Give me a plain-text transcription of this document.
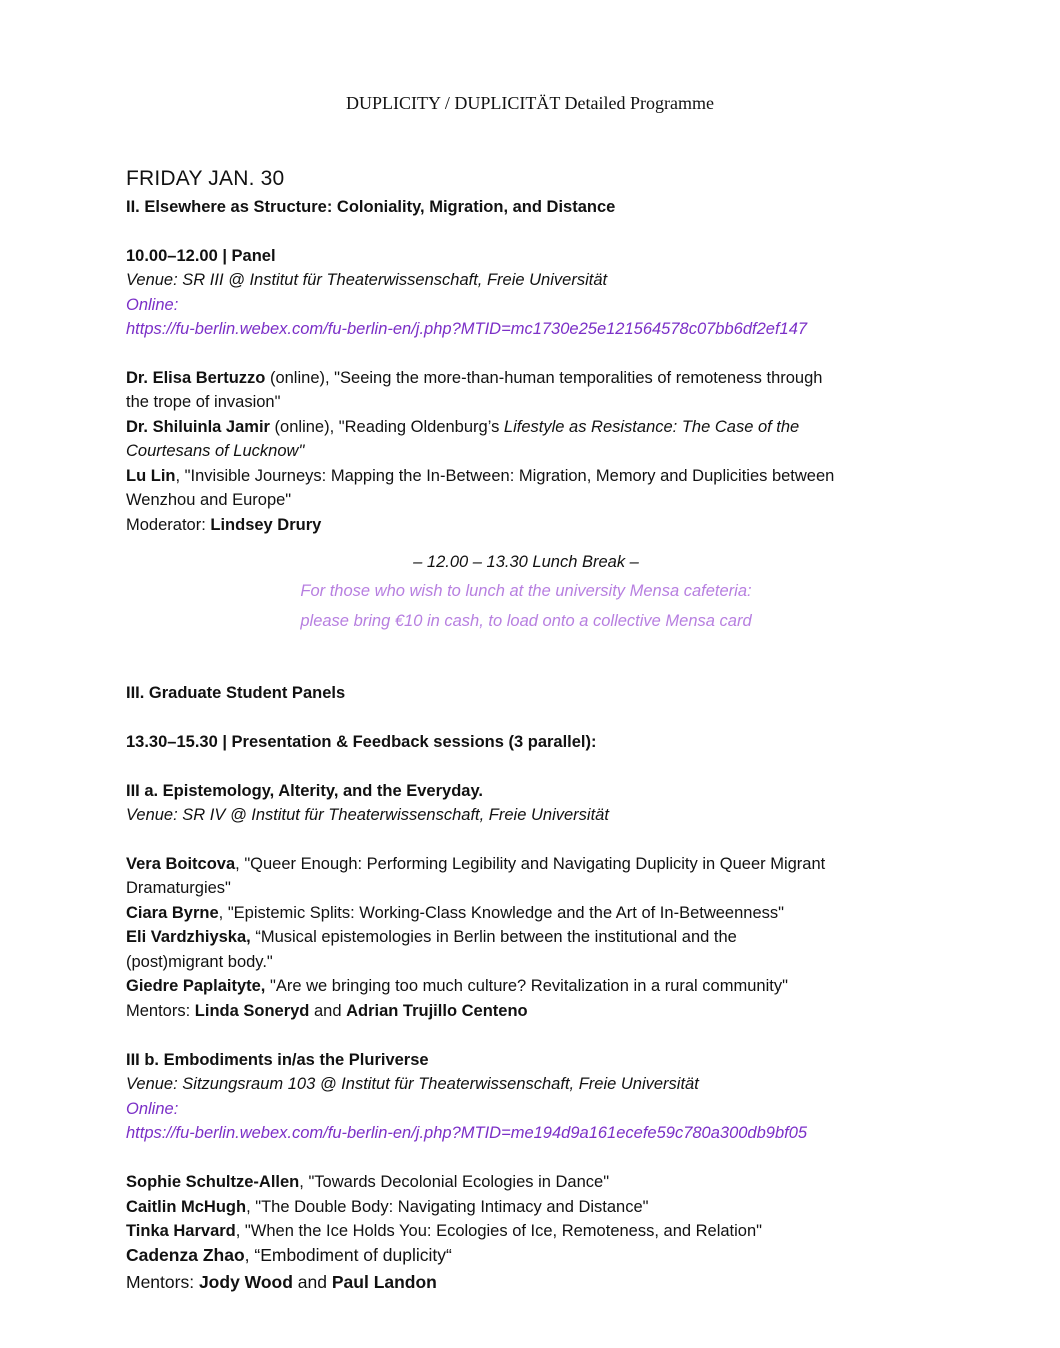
DUPLICITY / DUPLICITÄT Detailed Programme
FRIDAY JAN. 30
II. Elsewhere as Structure: Coloniality, Migration, and Distance
10.00–12.00 | Panel
Venue: SR III @ Institut für Theaterwissenschaft, Freie Universität
Online:
https://fu-berlin.webex.com/fu-berlin-en/j.php?MTID=mc1730e25e121564578c07bb6df2ef147
Dr. Elisa Bertuzzo (online), "Seeing the more-than-human temporalities of remoteness through
the trope of invasion"
Dr. Shiluinla Jamir (online), "Reading Oldenburg’s Lifestyle as Resistance: The Case of the
Courtesans of Lucknow"
Lu Lin, "Invisible Journeys: Mapping the In-Between: Migration, Memory and Duplicities between
Wenzhou and Europe"
Moderator: Lindsey Drury
– 12.00 – 13.30 Lunch Break –
For those who wish to lunch at the university Mensa cafeteria:
please bring €10 in cash, to load onto a collective Mensa card
III. Graduate Student Panels
13.30–15.30 | Presentation & Feedback sessions (3 parallel):
III a. Epistemology, Alterity, and the Everyday.
Venue: SR IV @ Institut für Theaterwissenschaft, Freie Universität
Vera Boitcova, "Queer Enough: Performing Legibility and Navigating Duplicity in Queer Migrant
Dramaturgies"
Ciara Byrne, "Epistemic Splits: Working-Class Knowledge and the Art of In-Betweenness"
Eli Vardzhiyska, “Musical epistemologies in Berlin between the institutional and the
(post)migrant body."
Giedre Paplaityte, "Are we bringing too much culture? Revitalization in a rural community"
Mentors: Linda Soneryd and Adrian Trujillo Centeno
III b. Embodiments in/as the Pluriverse
Venue: Sitzungsraum 103 @ Institut für Theaterwissenschaft, Freie Universität
Online:
https://fu-berlin.webex.com/fu-berlin-en/j.php?MTID=me194d9a161ecefe59c780a300db9bf05
Sophie Schultze-Allen, "Towards Decolonial Ecologies in Dance"
Caitlin McHugh, "The Double Body: Navigating Intimacy and Distance"
Tinka Harvard, "When the Ice Holds You: Ecologies of Ice, Remoteness, and Relation"
Cadenza Zhao, “Embodiment of duplicity“
Mentors: Jody Wood and Paul Landon
